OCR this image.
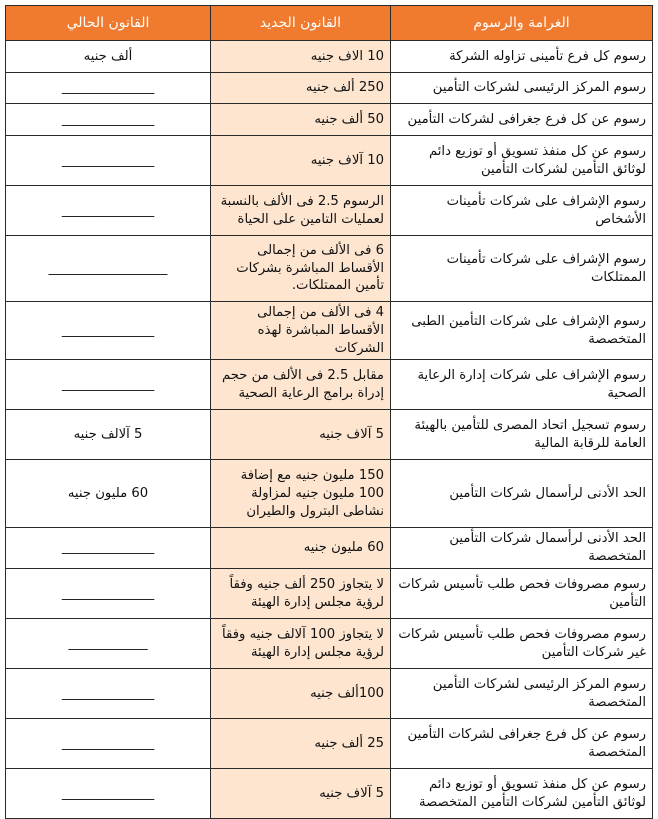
الغرامة والرسوم	القانون الجديد	القانون الحالي
رسوم كل فرع تأمينى تزاوله الشركة	10 الاف جنيه	ألف جنيه
رسوم المركز الرئيسى لشركات التأمين	250 ألف جنيه	______________
رسوم عن كل فرع جغرافى لشركات التأمين	50 ألف جنيه	______________
رسوم عن كل منفذ تسويق أو توزيع دائم لوثائق التأمين لشركات التأمين	10 آلاف جنيه	______________
رسوم الإشراف على شركات تأمينات الأشخاص	الرسوم 2.5 فى الألف بالنسبة لعمليات التامين على الحياة	______________
رسوم الإشراف على شركات تأمينات الممتلكات	6 فى الألف من إجمالى الأقساط المباشرة بشركات تأمين الممتلكات.	__________________
رسوم الإشراف على شركات التأمين الطبى المتخصصة	4 فى الألف من إجمالى الأقساط المباشرة لهذه الشركات	______________
رسوم الإشراف على شركات إدارة الرعاية الصحية	مقابل 2.5 فى الألف من حجم إدراة برامج الرعاية الصحية	______________
رسوم تسجيل اتحاد المصرى للتأمين بالهيئة العامة للرقابة المالية	5 آلاف جنيه	5 آلالف جنيه
الحد الأدنى لرأسمال شركات التأمين	150 مليون جنيه مع إضافة 100 مليون جنيه لمزاولة نشاطى البترول والطيران	60 مليون جنيه
الحد الأدنى لرأسمال شركات التأمين المتخصصة	60 مليون جنيه	______________
رسوم مصروفات فحص طلب تأسيس شركات التأمين	لا يتجاوز 250 ألف جنيه وفقاً لرؤية مجلس إدارة الهيئة	______________
رسوم مصروفات فحص طلب تأسيس شركات غير شركات التأمين	لا يتجاوز 100 آلالف جنيه وفقاً لرؤية مجلس إدارة الهيئة	____________
رسوم المركز الرئيسى لشركات التأمين المتخصصة	100ألف جنيه	______________
رسوم عن كل فرع جغرافى لشركات التأمين المتخصصة	25 ألف جنيه	______________
رسوم عن كل منفذ تسويق أو توزيع دائم لوثائق التأمين لشركات التأمين المتخصصة	5 آلاف جنيه	______________
